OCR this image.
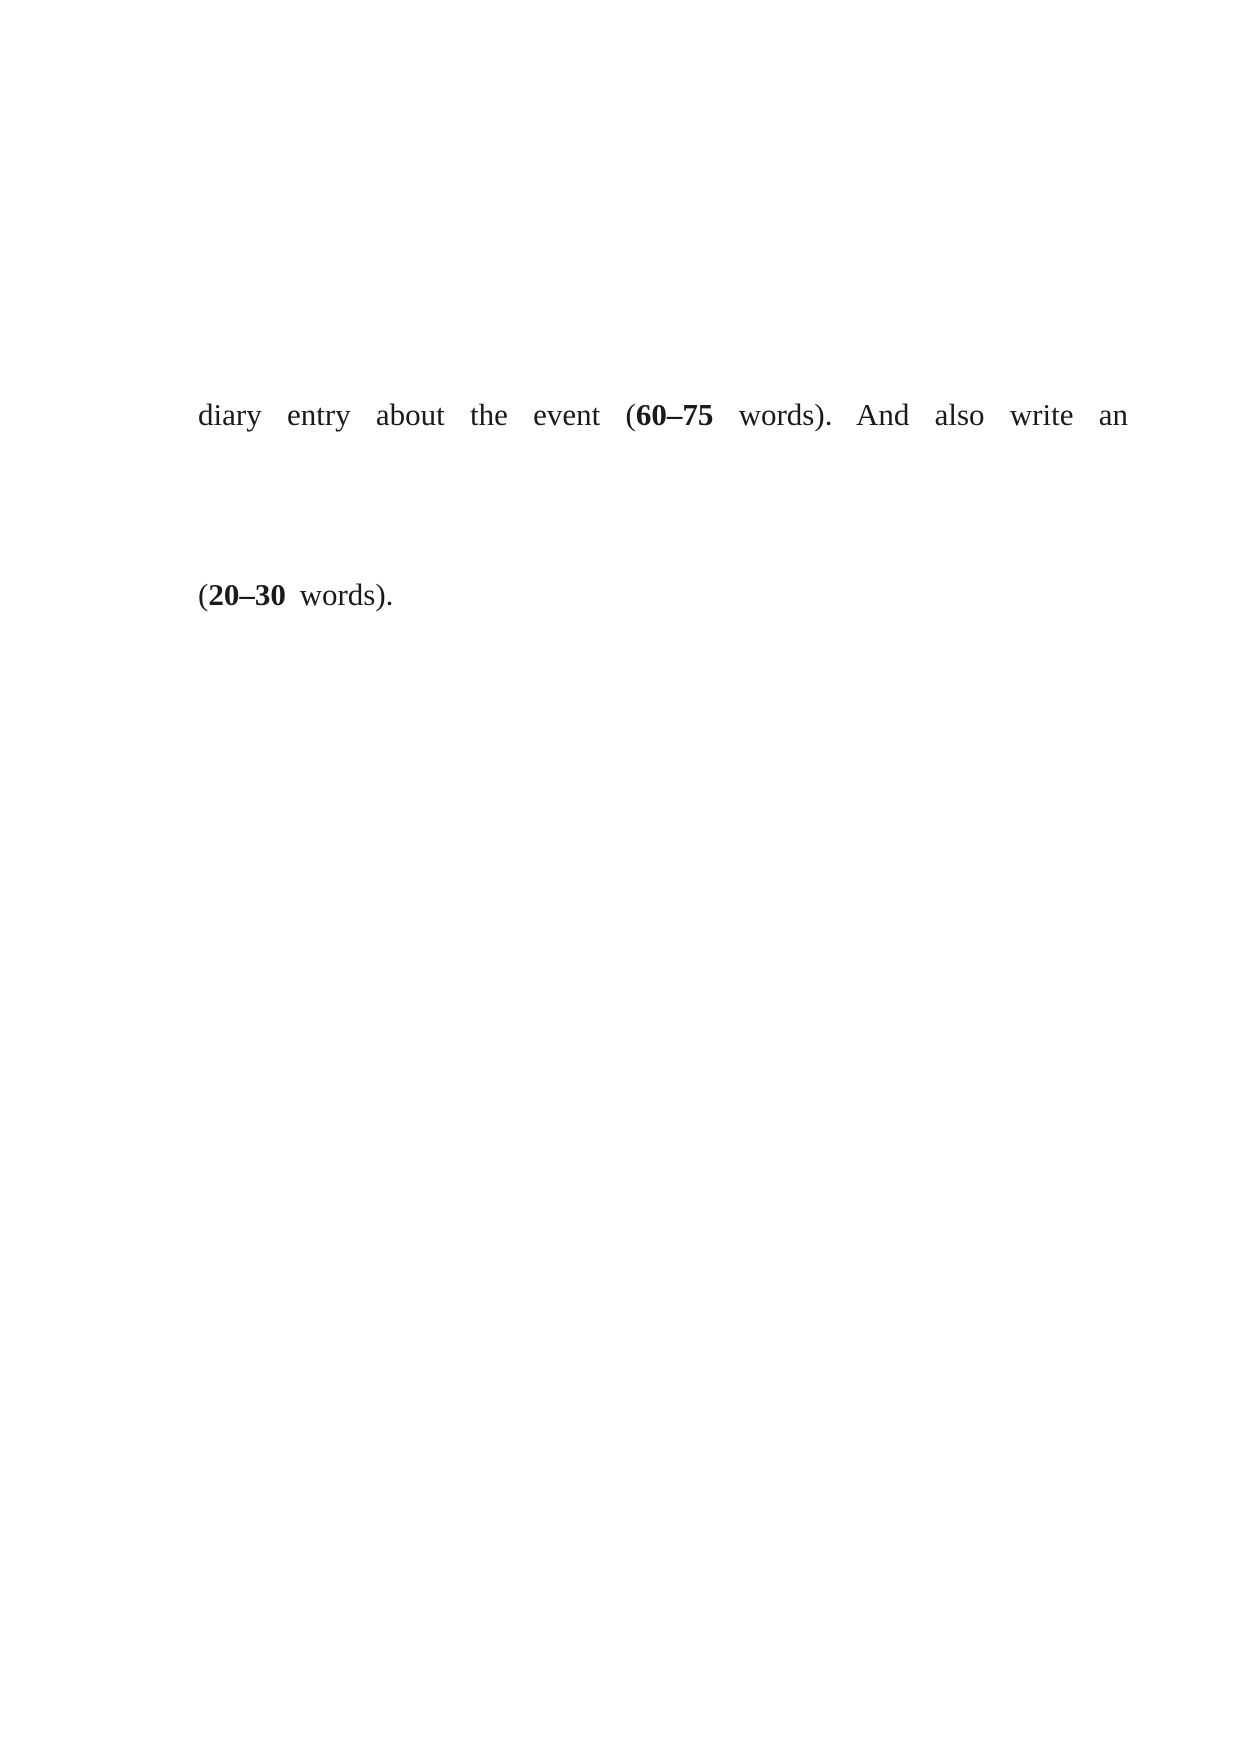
diary entry about the event (60–75 words). And also write an
(20–30 words).
